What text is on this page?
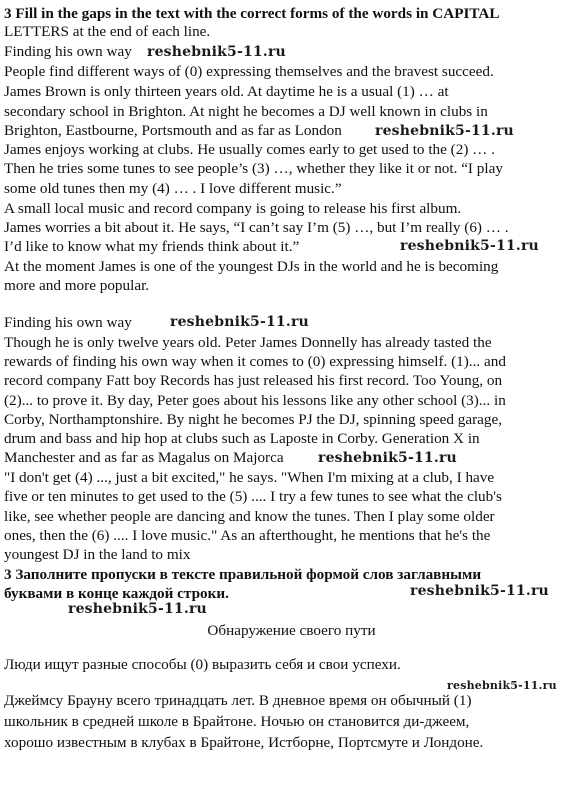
3 Fill in the gaps in the text with the correct forms of the words in CAPITAL
LETTERS at the end of each line.
Finding his own way
People find different ways of (0) expressing themselves and the bravest succeed.
James Brown is only thirteen years old. At daytime he is a usual (1) … at
secondary school in Brighton. At night he becomes a DJ well known in clubs in
Brighton, Eastbourne, Portsmouth and as far as London
James enjoys working at clubs. He usually comes early to get used to the (2) … .
Then he tries some tunes to see people’s (3) …, whether they like it or not. “I play
some old tunes then my (4) … . I love different music.”
A small local music and record company is going to release his first album.
James worries a bit about it. He says, “I can’t say I’m (5) …, but I’m really (6) … .
I’d like to know what my friends think about it.”
At the moment James is one of the youngest DJs in the world and he is becoming
more and more popular.
Finding his own way
Though he is only twelve years old. Peter James Donnelly has already tasted the
rewards of finding his own way when it comes to (0) expressing himself. (1)... and
record company Fatt boy Records has just released his first record. Too Young, on
(2)... to prove it. By day, Peter goes about his lessons like any other school (3)... in
Corby, Northamptonshire. By night he becomes PJ the DJ, spinning speed garage,
drum and bass and hip hop at clubs such as Laposte in Corby. Generation X in
Manchester and as far as Magalus on Majorca
"I don't get (4) ..., just a bit excited," he says. "When I'm mixing at a club, I have
five or ten minutes to get used to the (5) .... I try a few tunes to see what the club's
like, see whether people are dancing and know the tunes. Then I play some older
ones, then the (6) .... I love music." As an afterthought, he mentions that he's the
youngest DJ in the land to mix
3 Заполните пропуски в тексте правильной формой слов заглавными
буквами в конце каждой строки.
Обнаружение своего пути
Люди ищут разные способы (0) выразить себя и свои успехи.
Джеймсу Брауну всего тринадцать лет. В дневное время он обычный (1)
школьник в средней школе в Брайтоне. Ночью он становится ди-джеем,
хорошо известным в клубах в Брайтоне, Истборне, Портсмуте и Лондоне.
reshebnik5-11.ru
reshebnik5-11.ru
reshebnik5-11.ru
reshebnik5-11.ru
reshebnik5-11.ru
reshebnik5-11.ru
reshebnik5-11.ru
reshebnik5-11.ru
